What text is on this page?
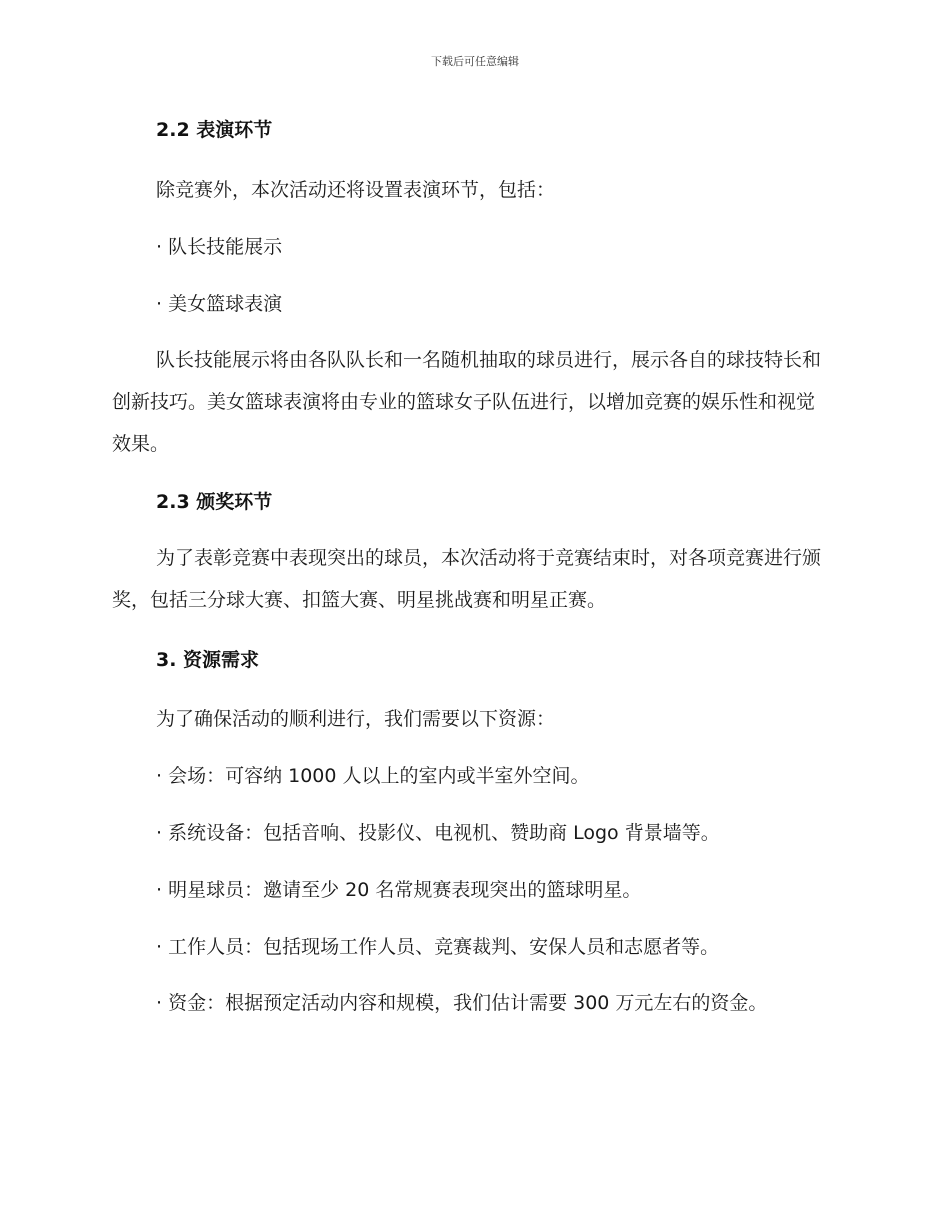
下载后可任意编辑
2.2 表演环节

除竞赛外，本次活动还将设置表演环节，包括：

· 队长技能展示

· 美女篮球表演

队长技能展示将由各队队长和一名随机抽取的球员进行，展示各自的球技特长和创新技巧。美女篮球表演将由专业的篮球女子队伍进行，以增加竞赛的娱乐性和视觉效果。

2.3 颁奖环节

为了表彰竞赛中表现突出的球员，本次活动将于竞赛结束时，对各项竞赛进行颁奖，包括三分球大赛、扣篮大赛、明星挑战赛和明星正赛。

3. 资源需求

为了确保活动的顺利进行，我们需要以下资源：

· 会场：可容纳 1000 人以上的室内或半室外空间。

· 系统设备：包括音响、投影仪、电视机、赞助商 Logo 背景墙等。

· 明星球员：邀请至少 20 名常规赛表现突出的篮球明星。

· 工作人员：包括现场工作人员、竞赛裁判、安保人员和志愿者等。

· 资金：根据预定活动内容和规模，我们估计需要 300 万元左右的资金。
